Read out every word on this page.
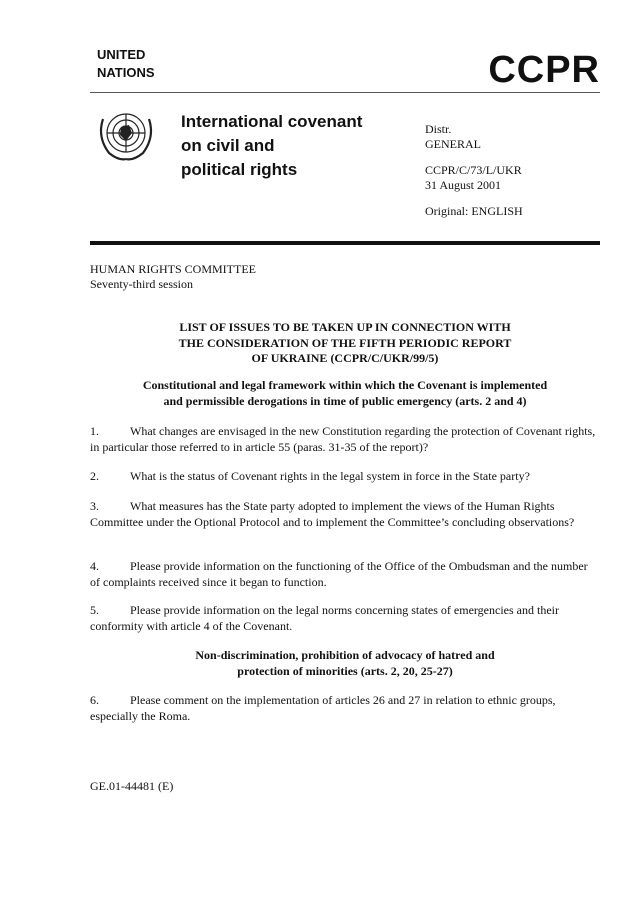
UNITED
NATIONS	CCPR
International covenant
on civil and
political rights
Distr.
GENERAL
CCPR/C/73/L/UKR
31 August 2001
Original: ENGLISH
HUMAN RIGHTS COMMITTEE
Seventy-third session
LIST OF ISSUES TO BE TAKEN UP IN CONNECTION WITH
THE CONSIDERATION OF THE FIFTH PERIODIC REPORT
OF UKRAINE (CCPR/C/UKR/99/5)
Constitutional and legal framework within which the Covenant is implemented
and permissible derogations in time of public emergency (arts. 2 and 4)
1.	What changes are envisaged in the new Constitution regarding the protection of Covenant rights, in particular those referred to in article 55 (paras. 31-35 of the report)?
2.	What is the status of Covenant rights in the legal system in force in the State party?
3.	What measures has the State party adopted to implement the views of the Human Rights Committee under the Optional Protocol and to implement the Committee’s concluding observations?
4.	Please provide information on the functioning of the Office of the Ombudsman and the number of complaints received since it began to function.
5.	Please provide information on the legal norms concerning states of emergencies and their conformity with article 4 of the Covenant.
Non-discrimination, prohibition of advocacy of hatred and
protection of minorities (arts. 2, 20, 25-27)
6.	Please comment on the implementation of articles 26 and 27 in relation to ethnic groups, especially the Roma.
GE.01-44481 (E)
